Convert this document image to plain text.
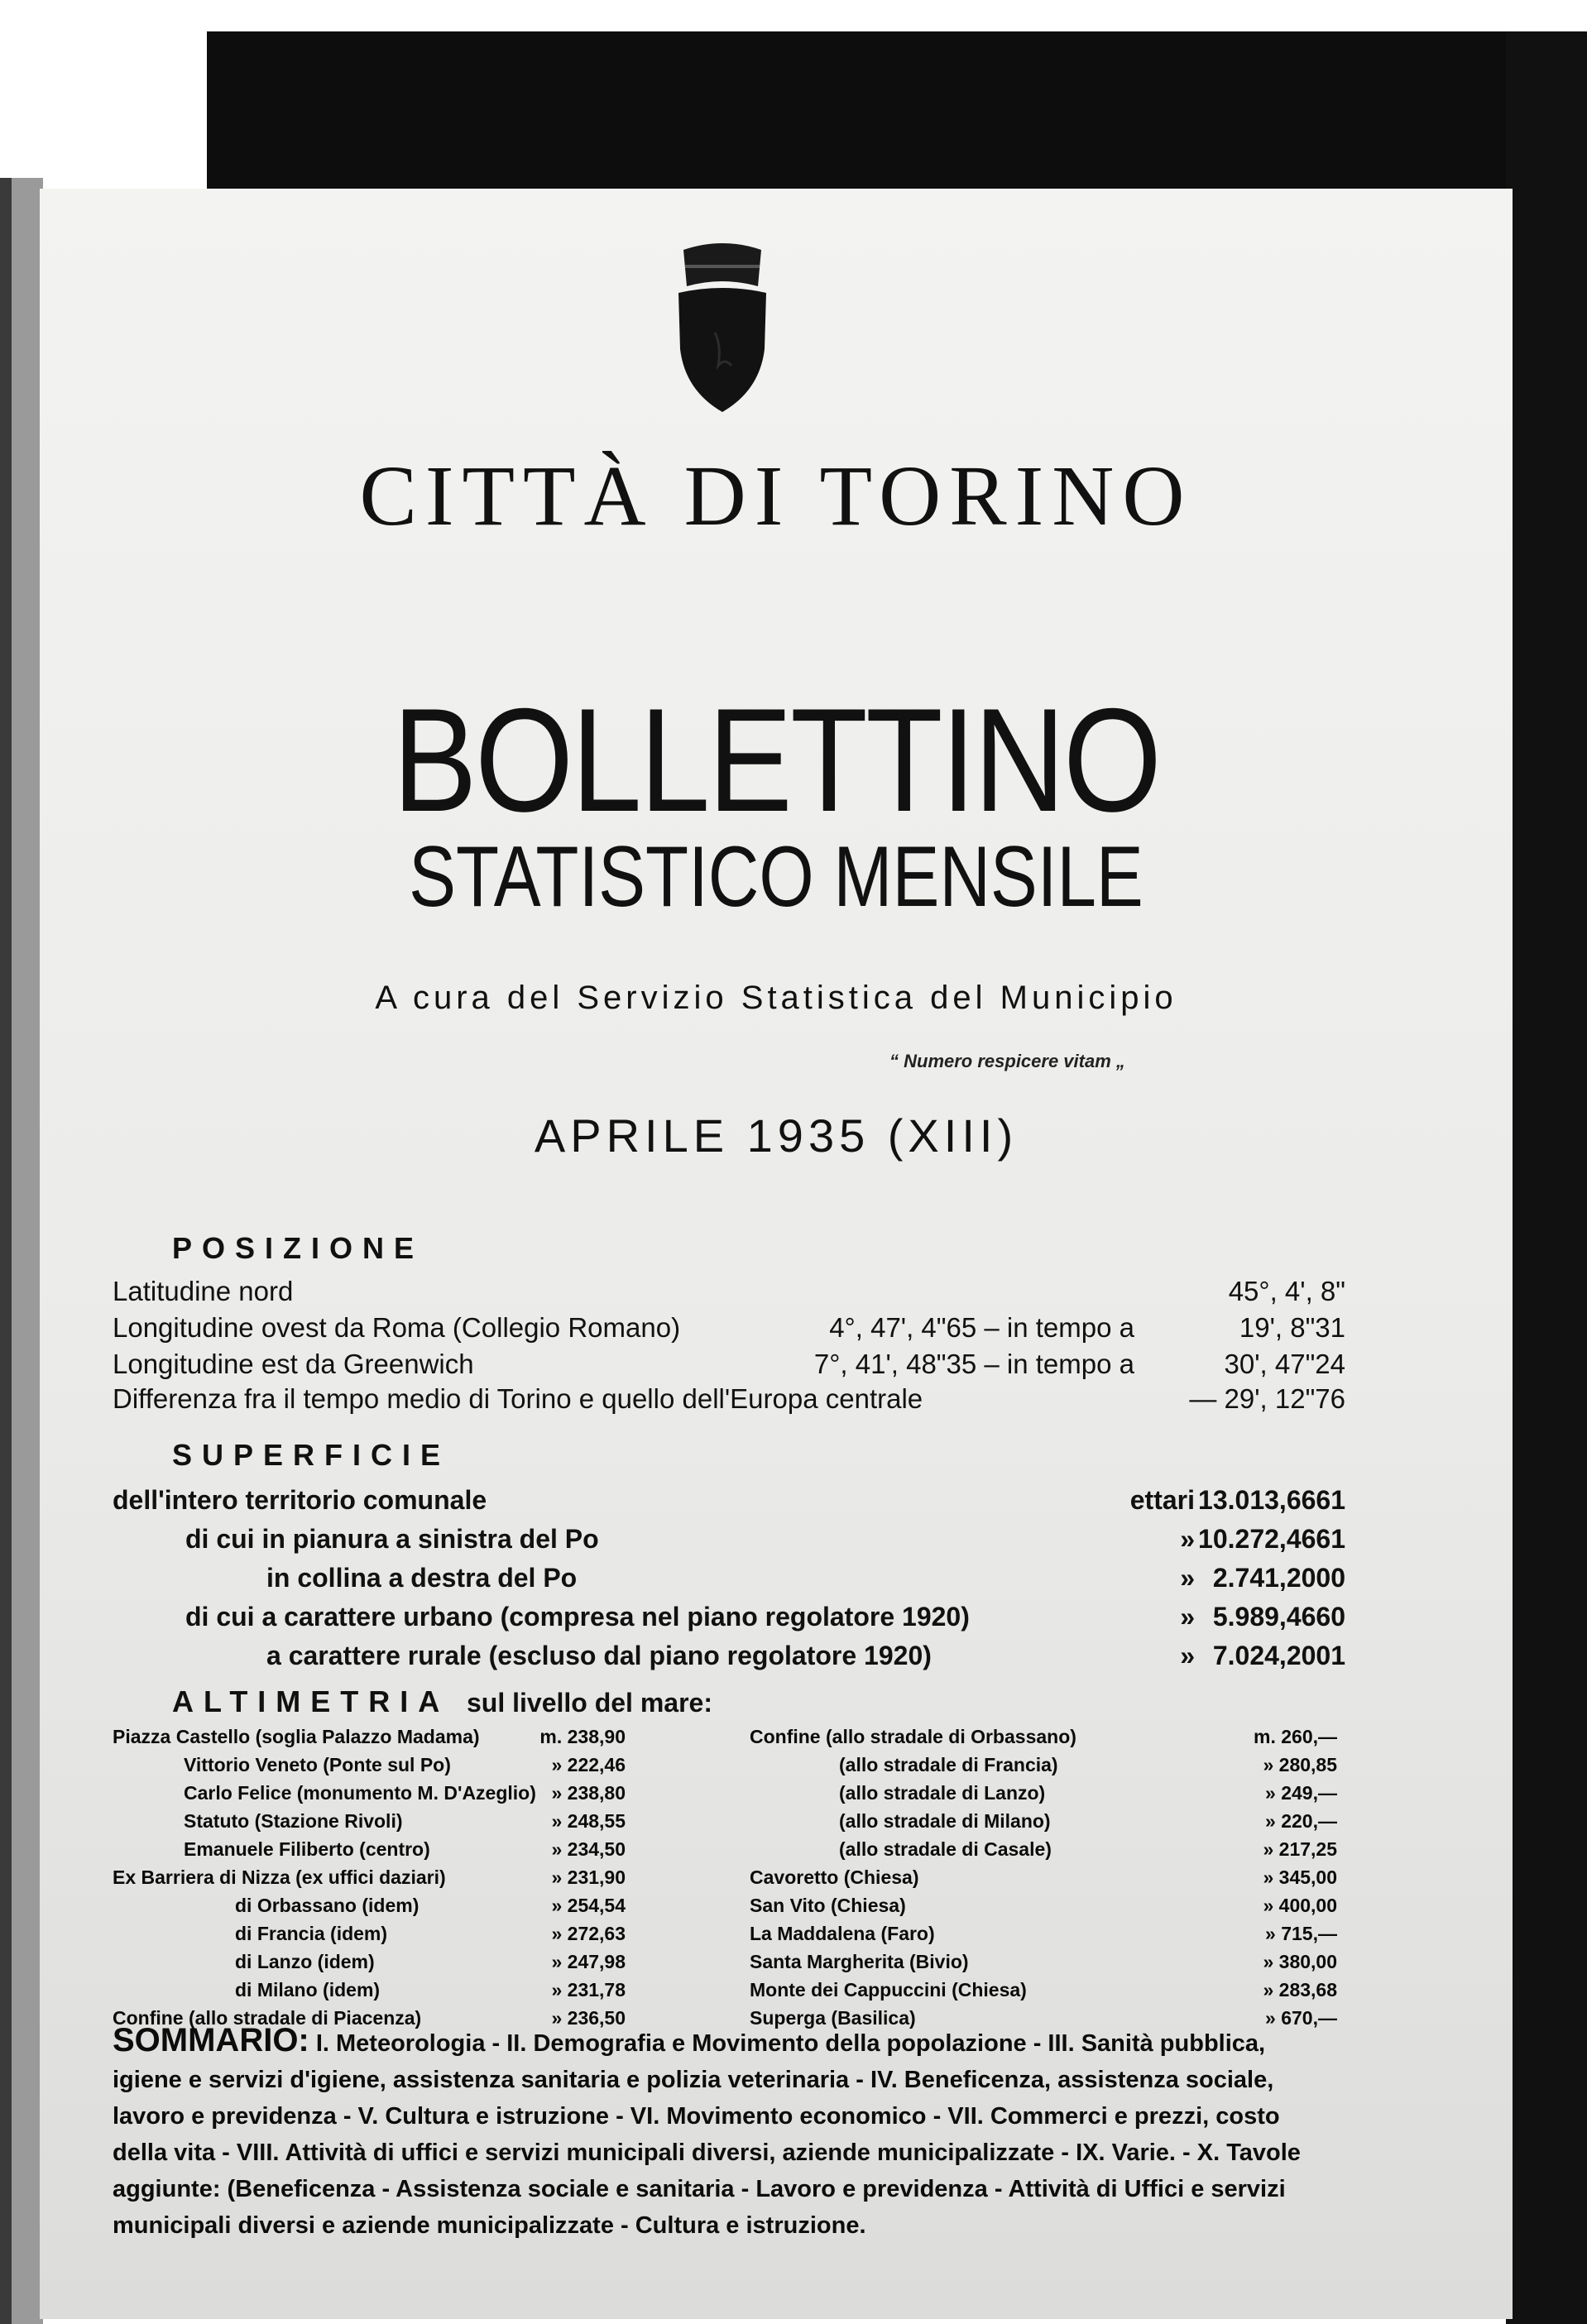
CITTÀ DI TORINO
BOLLETTINO
STATISTICO MENSILE
A cura del Servizio Statistica del Municipio
“ Numero respicere vitam „
APRILE 1935 (XIII)
POSIZIONE
Latitudine nord	45°, 4', 8"
Longitudine ovest da Roma (Collegio Romano)	4°, 47', 4"65 – in tempo a	19', 8"31
Longitudine est da Greenwich	7°, 41', 48"35 – in tempo a	30', 47"24
Differenza fra il tempo medio di Torino e quello dell'Europa centrale	— 29', 12"76
SUPERFICIE
dell'intero territorio comunale	ettari 13.013,6661
di cui in pianura a sinistra del Po	» 10.272,4661
in collina a destra del Po	» 2.741,2000
di cui a carattere urbano (compresa nel piano regolatore 1920)	» 5.989,4660
a carattere rurale (escluso dal piano regolatore 1920)	» 7.024,2001
ALTIMETRIA sul livello del mare:
Piazza Castello (soglia Palazzo Madama)	m. 238,90
Vittorio Veneto (Ponte sul Po)	» 222,46
Carlo Felice (monumento M. D'Azeglio) » 238,80
Statuto (Stazione Rivoli)	» 248,55
Emanuele Filiberto (centro)	» 234,50
Ex Barriera di Nizza (ex uffici daziari)	» 231,90
di Orbassano (idem)	» 254,54
di Francia (idem)	» 272,63
di Lanzo (idem)	» 247,98
di Milano (idem)	» 231,78
Confine (allo stradale di Piacenza)	» 236,50
Confine (allo stradale di Orbassano)	m. 260,—
(allo stradale di Francia)	» 280,85
(allo stradale di Lanzo)	» 249,—
(allo stradale di Milano)	» 220,—
(allo stradale di Casale)	» 217,25
Cavoretto (Chiesa)	» 345,00
San Vito (Chiesa)	» 400,00
La Maddalena (Faro)	» 715,—
Santa Margherita (Bivio)	» 380,00
Monte dei Cappuccini (Chiesa)	» 283,68
Superga (Basilica)	» 670,—
SOMMARIO: I. Meteorologia - II. Demografia e Movimento della popolazione - III. Sanità pubblica, igiene e servizi d'igiene, assistenza sanitaria e polizia veterinaria - IV. Beneficenza, assistenza sociale, lavoro e previdenza - V. Cultura e istruzione - VI. Movimento economico - VII. Commerci e prezzi, costo della vita - VIII. Attività di uffici e servizi municipali diversi, aziende municipalizzate - IX. Varie. - X. Tavole aggiunte: (Beneficenza - Assistenza sociale e sanitaria - Lavoro e previdenza - Attività di Uffici e servizi municipali diversi e aziende municipalizzate - Cultura e istruzione.
